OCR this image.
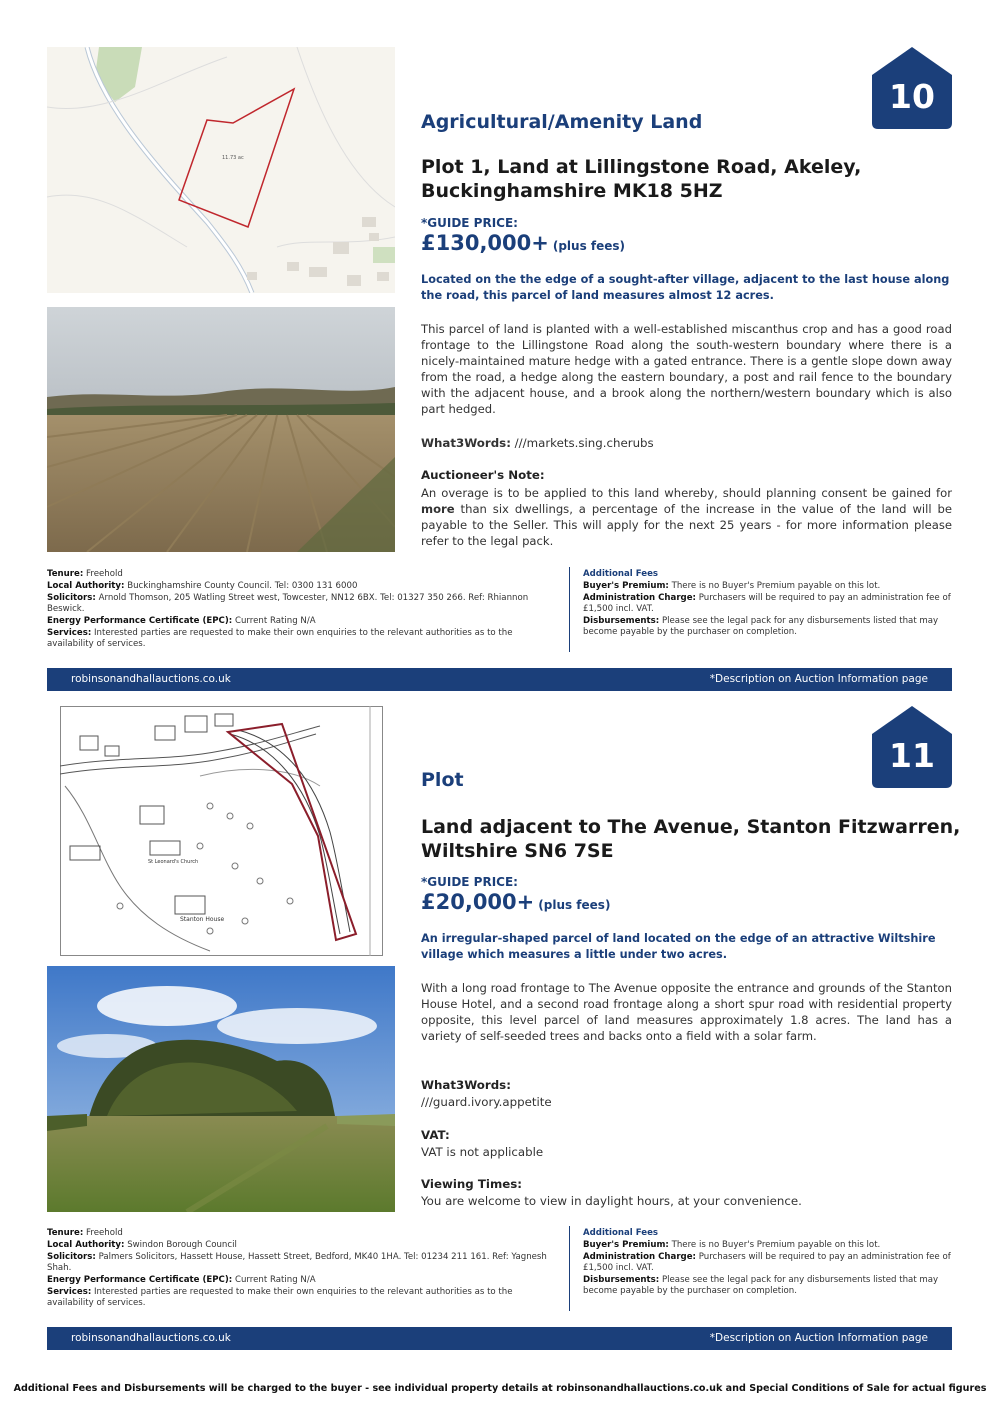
11.73 ac
10
Agricultural/Amenity Land
Plot 1, Land at Lillingstone Road, Akeley,
Buckinghamshire MK18 5HZ
*GUIDE PRICE:
£130,000+ (plus fees)
Located on the the edge of a sought-after village, adjacent to the last house along the road, this parcel of land measures almost 12 acres.
This parcel of land is planted with a well-established miscanthus crop and has a good road frontage to the Lillingstone Road along the south-western boundary where there is a nicely-maintained mature hedge with a gated entrance. There is a gentle slope down away from the road, a hedge along the eastern boundary, a post and rail fence to the boundary with the adjacent house, and a brook along the northern/western boundary which is also part hedged.
What3Words: ///markets.sing.cherubs
Auctioneer's Note:
An overage is to be applied to this land whereby, should planning consent be gained for more than six dwellings, a percentage of the increase in the value of the land will be payable to the Seller. This will apply for the next 25 years - for more information please refer to the legal pack.

Tenure: Freehold

Local Authority: Buckinghamshire County Council. Tel: 0300 131 6000

Solicitors: Arnold Thomson, 205 Watling Street west, Towcester, NN12 6BX. Tel: 01327 350 266. Ref: Rhiannon Beswick.

Energy Performance Certificate (EPC): Current Rating N/A

Services: Interested parties are requested to make their own enquiries to the relevant authorities as to the availability of services.

Additional Fees

Buyer's Premium: There is no Buyer's Premium payable on this lot.

Administration Charge: Purchasers will be required to pay an administration fee of £1,500 incl. VAT.

Disbursements: Please see the legal pack for any disbursements listed that may become payable by the purchaser on completion.

robinsonandhallauctions.co.uk	*Description on Auction Information page
Stanton House
St Leonard's Church
11
Plot
Land adjacent to The Avenue, Stanton Fitzwarren,
Wiltshire SN6 7SE
*GUIDE PRICE:
£20,000+ (plus fees)
An irregular-shaped parcel of land located on the edge of an attractive Wiltshire village which measures a little under two acres.
With a long road frontage to The Avenue opposite the entrance and grounds of the Stanton House Hotel, and a second road frontage along a short spur road with residential property opposite, this level parcel of land measures approximately 1.8 acres. The land has a variety of self-seeded trees and backs onto a field with a solar farm.
What3Words:
///guard.ivory.appetite
VAT:
VAT is not applicable
Viewing Times:
You are welcome to view in daylight hours, at your convenience.

Tenure: Freehold

Local Authority: Swindon Borough Council

Solicitors: Palmers Solicitors, Hassett House, Hassett Street, Bedford, MK40 1HA. Tel: 01234 211 161. Ref: Yagnesh Shah.

Energy Performance Certificate (EPC): Current Rating N/A

Services: Interested parties are requested to make their own enquiries to the relevant authorities as to the availability of services.

Additional Fees

Buyer's Premium: There is no Buyer's Premium payable on this lot.

Administration Charge: Purchasers will be required to pay an administration fee of £1,500 incl. VAT.

Disbursements: Please see the legal pack for any disbursements listed that may become payable by the purchaser on completion.

robinsonandhallauctions.co.uk	*Description on Auction Information page
Additional Fees and Disbursements will be charged to the buyer - see individual property details at robinsonandhallauctions.co.uk and Special Conditions of Sale for actual figures
